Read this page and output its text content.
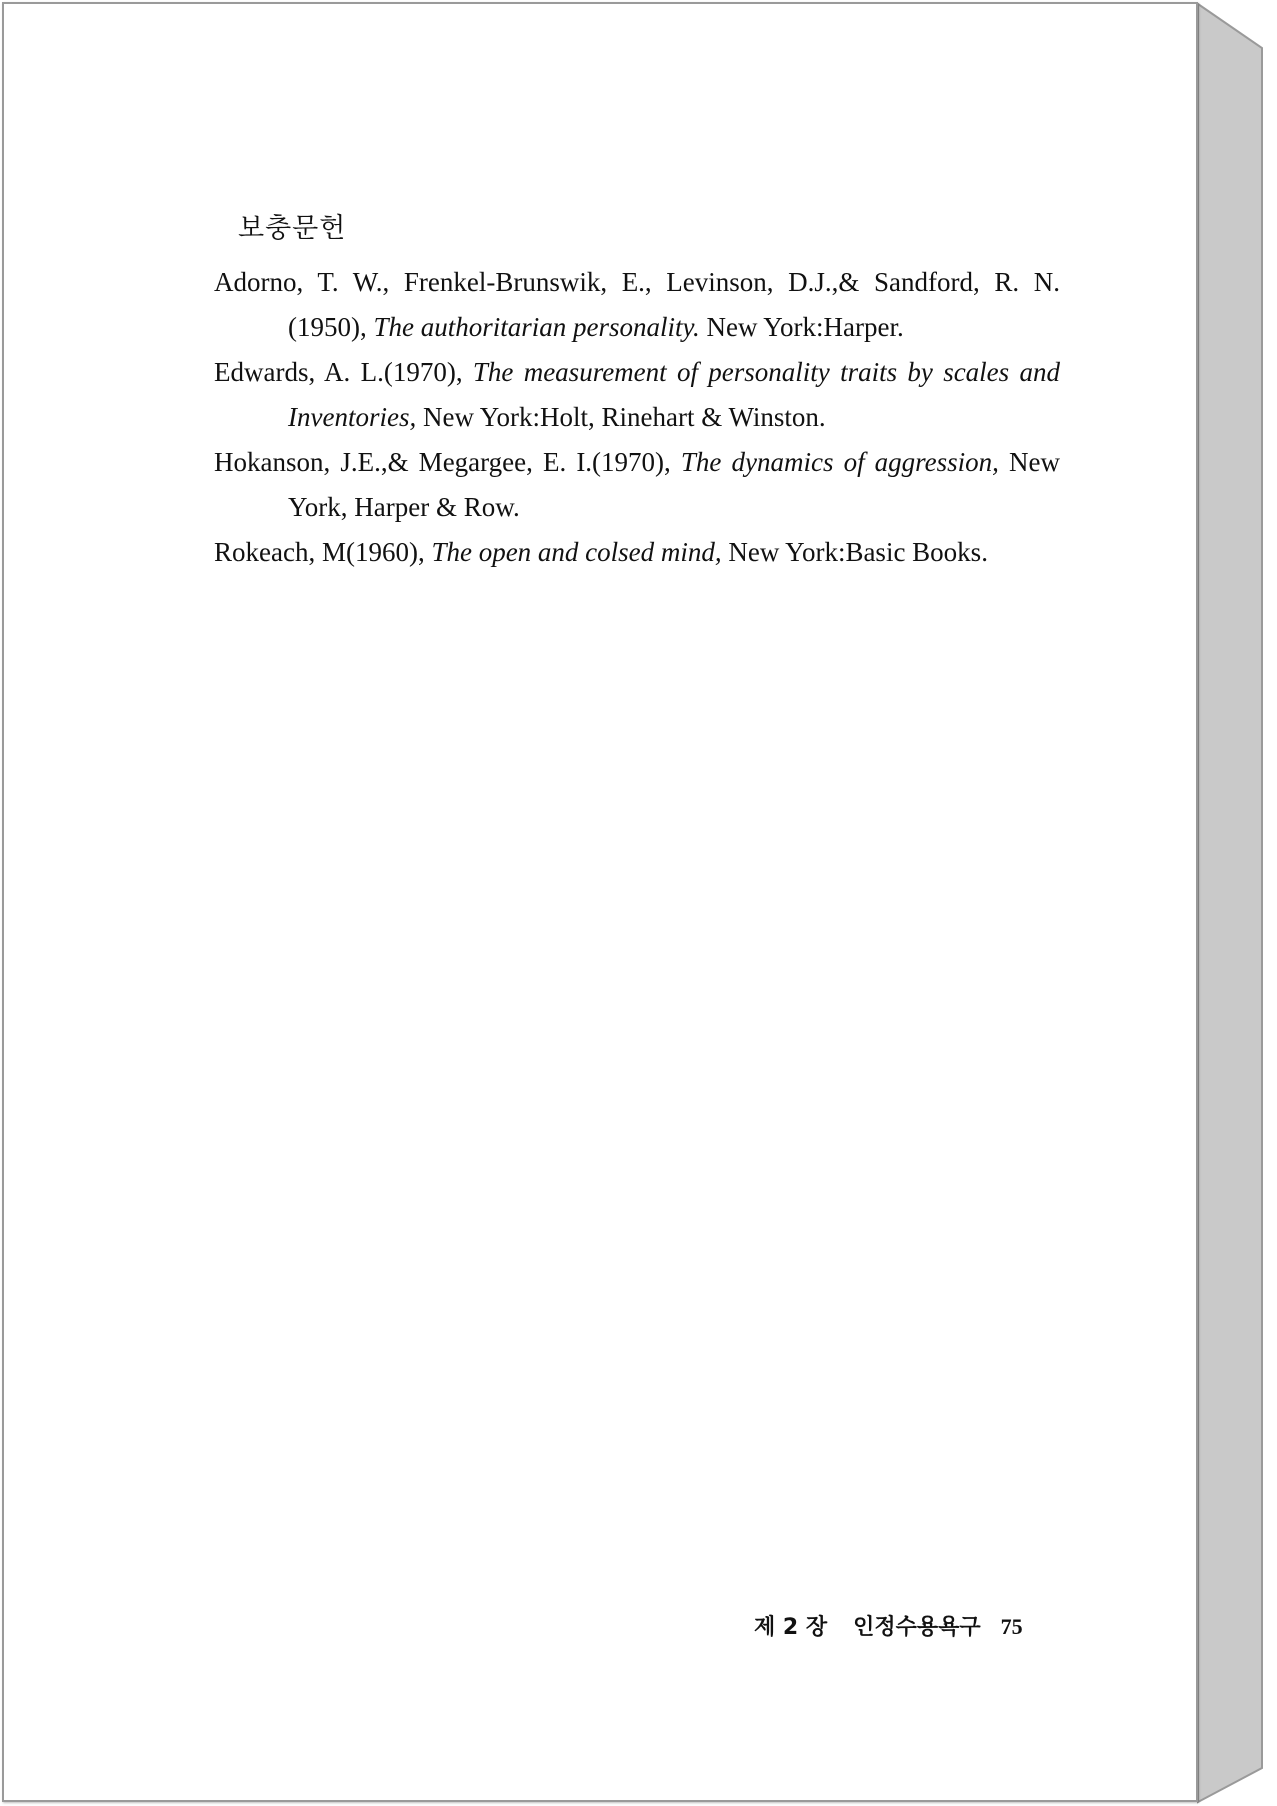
보충문헌
Adorno, T. W., Frenkel-Brunswik, E., Levinson, D.J.,& Sandford, R. N. (1950), The authoritarian personality. New York:Harper.
Edwards, A. L.(1970), The measurement of personality traits by scales and Inventories, New York:Holt, Rinehart & Winston.
Hokanson, J.E.,& Megargee, E. I.(1970), The dynamics of aggression, New York, Harper & Row.
Rokeach, M(1960), The open and colsed mind, New York:Basic Books.
제 2 장 인정수용욕구 75
